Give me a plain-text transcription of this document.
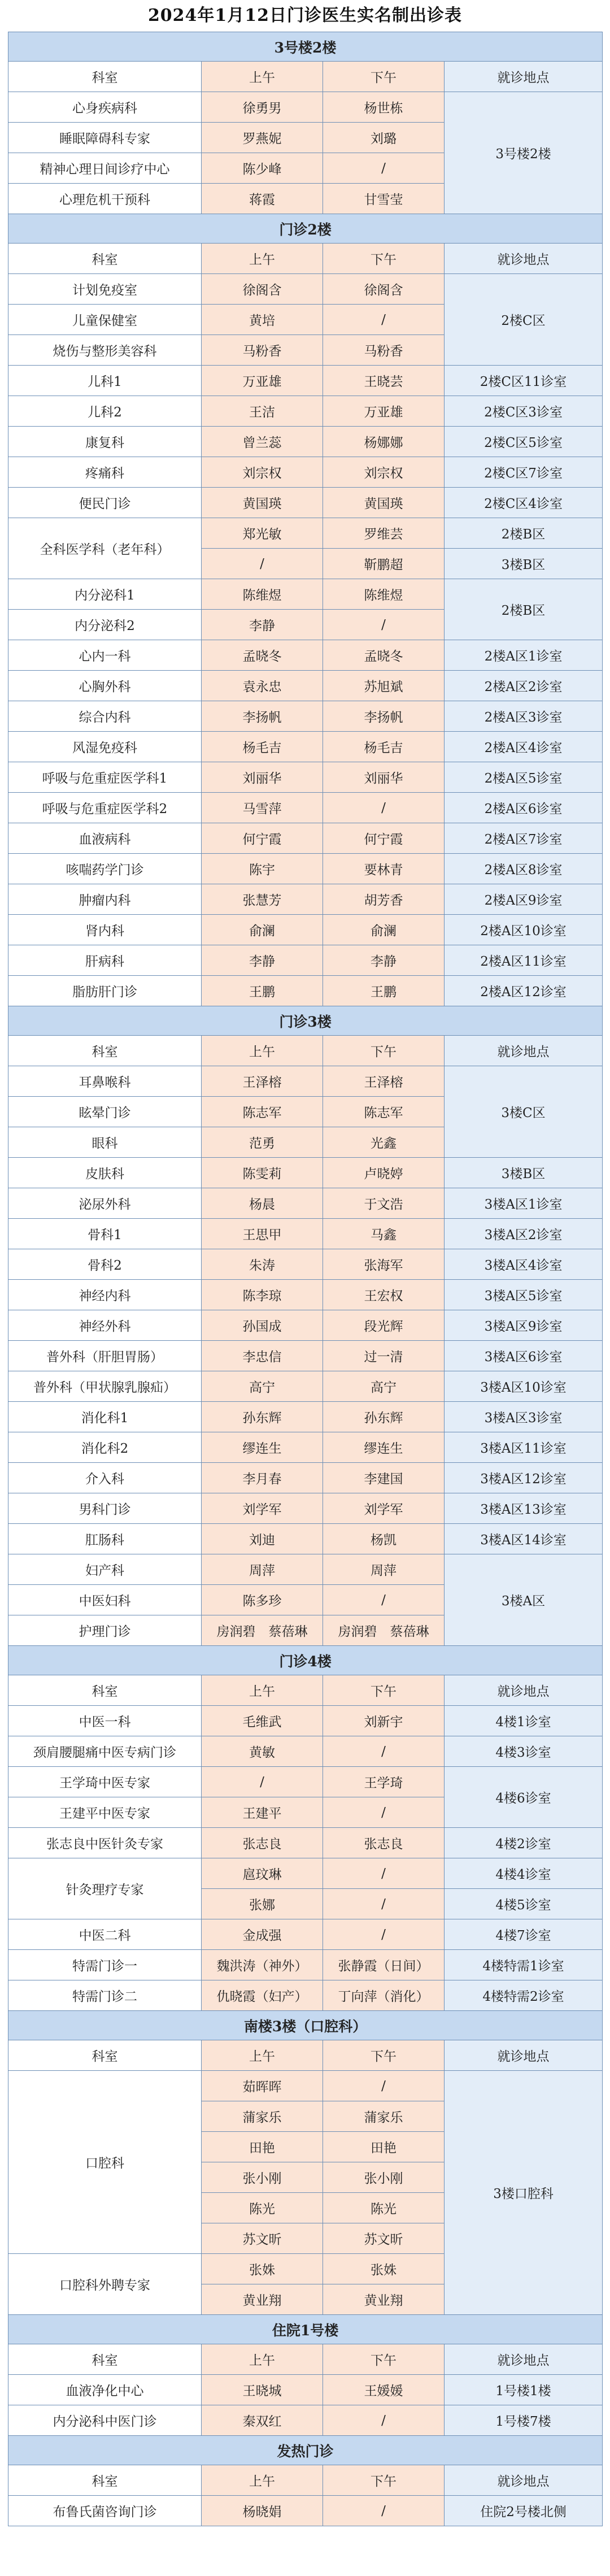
2024年1月12日门诊医生实名制出诊表
3号楼2楼			
科室	上午	下午	就诊地点
心身疾病科	徐勇男	杨世栋	3号楼2楼
睡眠障碍科专家	罗燕妮	刘璐	
精神心理日间诊疗中心	陈少峰	/	
心理危机干预科	蒋霞	甘雪莹	
门诊2楼			
科室	上午	下午	就诊地点
计划免疫室	徐阁含	徐阁含	2楼C区
儿童保健室	黄培	/	
烧伤与整形美容科	马粉香	马粉香	
儿科1	万亚雄	王晓芸	2楼C区11诊室
儿科2	王洁	万亚雄	2楼C区3诊室
康复科	曾兰蕊	杨娜娜	2楼C区5诊室
疼痛科	刘宗权	刘宗权	2楼C区7诊室
便民门诊	黄国瑛	黄国瑛	2楼C区4诊室
全科医学科（老年科）	郑光敏	罗维芸	2楼B区
	/	靳鹏超	3楼B区
内分泌科1	陈维煜	陈维煜	2楼B区
内分泌科2	李静	/	
心内一科	孟晓冬	孟晓冬	2楼A区1诊室
心胸外科	袁永忠	苏旭斌	2楼A区2诊室
综合内科	李扬帆	李扬帆	2楼A区3诊室
风湿免疫科	杨毛吉	杨毛吉	2楼A区4诊室
呼吸与危重症医学科1	刘丽华	刘丽华	2楼A区5诊室
呼吸与危重症医学科2	马雪萍	/	2楼A区6诊室
血液病科	何宁霞	何宁霞	2楼A区7诊室
咳喘药学门诊	陈宇	要林青	2楼A区8诊室
肿瘤内科	张慧芳	胡芳香	2楼A区9诊室
肾内科	俞澜	俞澜	2楼A区10诊室
肝病科	李静	李静	2楼A区11诊室
脂肪肝门诊	王鹏	王鹏	2楼A区12诊室
门诊3楼			
科室	上午	下午	就诊地点
耳鼻喉科	王泽榕	王泽榕	3楼C区
眩晕门诊	陈志军	陈志军	
眼科	范勇	光鑫	
皮肤科	陈雯莉	卢晓婷	3楼B区
泌尿外科	杨晨	于文浩	3楼A区1诊室
骨科1	王思甲	马鑫	3楼A区2诊室
骨科2	朱涛	张海军	3楼A区4诊室
神经内科	陈李琼	王宏权	3楼A区5诊室
神经外科	孙国成	段光辉	3楼A区9诊室
普外科（肝胆胃肠）	李忠信	过一清	3楼A区6诊室
普外科（甲状腺乳腺疝）	高宁	高宁	3楼A区10诊室
消化科1	孙东辉	孙东辉	3楼A区3诊室
消化科2	缪连生	缪连生	3楼A区11诊室
介入科	李月春	李建国	3楼A区12诊室
男科门诊	刘学军	刘学军	3楼A区13诊室
肛肠科	刘迪	杨凯	3楼A区14诊室
妇产科	周萍	周萍	3楼A区
中医妇科	陈多珍	/	
护理门诊	房润碧　蔡蓓琳	房润碧　蔡蓓琳	
门诊4楼			
科室	上午	下午	就诊地点
中医一科	毛维武	刘新宇	4楼1诊室
颈肩腰腿痛中医专病门诊	黄敏	/	4楼3诊室
王学琦中医专家	/	王学琦	4楼6诊室
王建平中医专家	王建平	/	
张志良中医针灸专家	张志良	张志良	4楼2诊室
针灸理疗专家	扈玟琳	/	4楼4诊室
	张娜	/	4楼5诊室
中医二科	金成强	/	4楼7诊室
特需门诊一	魏洪涛（神外）	张静霞（日间）	4楼特需1诊室
特需门诊二	仇晓霞（妇产）	丁向萍（消化）	4楼特需2诊室
南楼3楼（口腔科）			
科室	上午	下午	就诊地点
口腔科	茹晖晖	/	3楼口腔科
	蒲家乐	蒲家乐	
	田艳	田艳	
	张小刚	张小刚	
	陈光	陈光	
	苏文昕	苏文昕	
口腔科外聘专家	张姝	张姝	
	黄业翔	黄业翔	
住院1号楼			
科室	上午	下午	就诊地点
血液净化中心	王晓城	王媛媛	1号楼1楼
内分泌科中医门诊	秦双红	/	1号楼7楼
发热门诊			
科室	上午	下午	就诊地点
布鲁氏菌咨询门诊	杨晓娟	/	住院2号楼北侧
